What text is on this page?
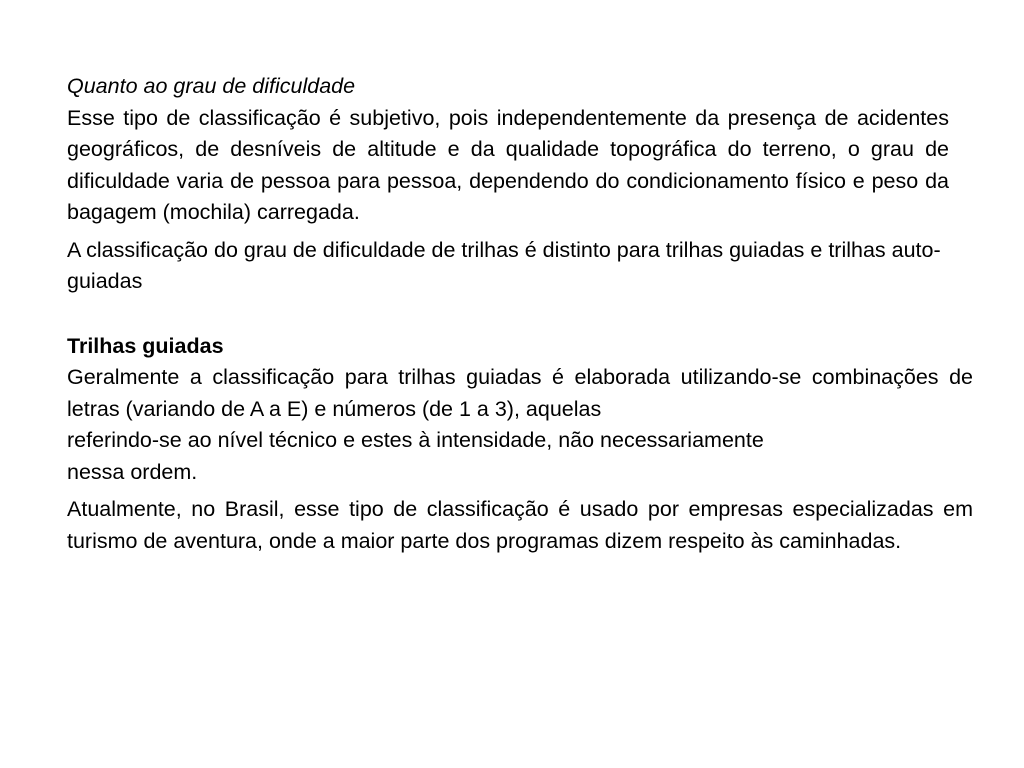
Quanto ao grau de dificuldade

Esse tipo de classificação é subjetivo, pois independentemente da presença de acidentes geográficos, de desníveis de altitude e da qualidade topográfica do terreno, o grau de dificuldade varia de pessoa para pessoa, dependendo do condicionamento físico e peso da bagagem (mochila) carregada.

A classificação do grau de dificuldade de trilhas é distinto para trilhas guiadas e trilhas auto-guiadas

Trilhas guiadas

Geralmente a classificação para trilhas guiadas é elaborada utilizando-se combinações de letras (variando de A a E) e números (de 1 a 3), aquelas

referindo-se ao nível técnico e estes à intensidade, não necessariamente

nessa ordem.

Atualmente, no Brasil, esse tipo de classificação é usado por empresas especializadas em turismo de aventura, onde a maior parte dos programas dizem respeito às caminhadas.
